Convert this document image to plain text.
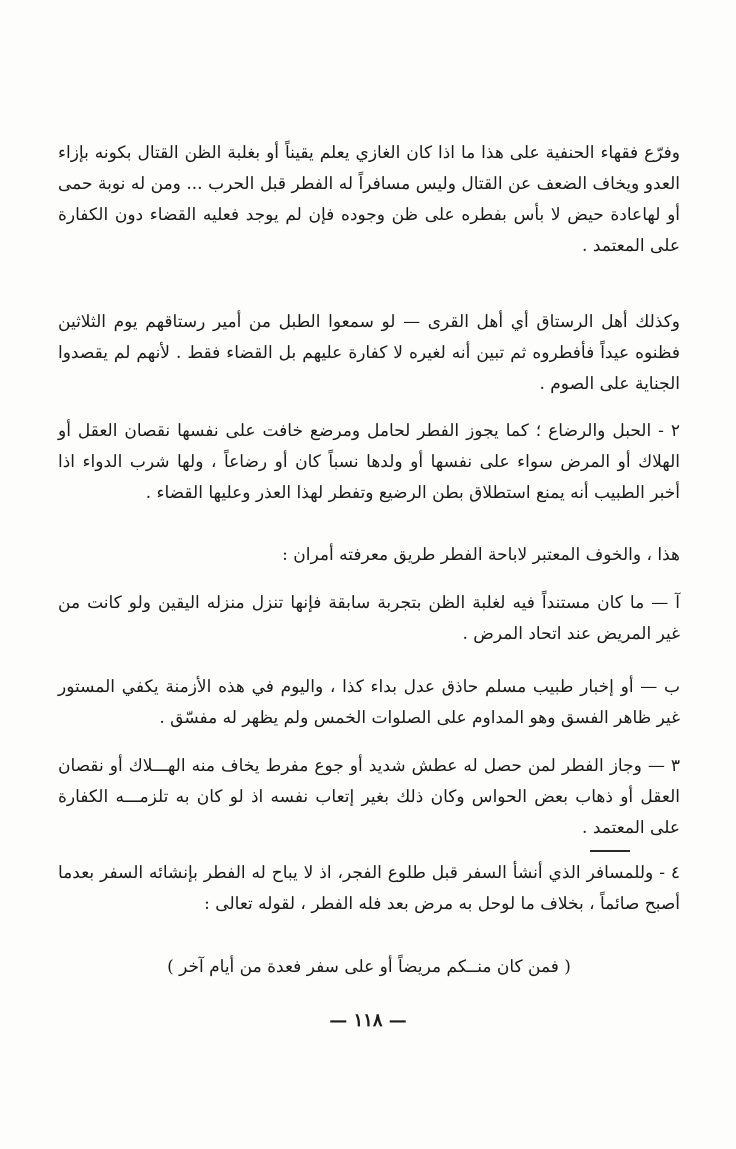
وفرّع فقهاء الحنفية على هذا ما اذا كان الغازي يعلم يقيناً أو بغلبة الظن القتال بكونه بإزاء العدو ويخاف الضعف عن القتال وليس مسافراً له الفطر قبل الحرب ... ومن له نوبة حمى أو لهاعادة حيض لا بأس بفطره على ظن وجوده فإن لم يوجد فعليه القضاء دون الكفارة على المعتمد .

وكذلك أهل الرستاق أي أهل القرى — لو سمعوا الطبل من أمير رستاقهم يوم الثلاثين فظنوه عيداً فأفطروه ثم تبين أنه لغيره لا كفارة عليهم بل القضاء فقط . لأنهم لم يقصدوا الجناية على الصوم .

٢ - الحبل والرضاع ؛ كما يجوز الفطر لحامل ومرضع خافت على نفسها نقصان العقل أو الهلاك أو المرض سواء على نفسها أو ولدها نسباً كان أو رضاعاً ، ولها شرب الدواء اذا أخبر الطبيب أنه يمنع استطلاق بطن الرضيع وتفطر لهذا العذر وعليها القضاء .

هذا ، والخوف المعتبر لاباحة الفطر طريق معرفته أمران :

آ — ما كان مستنداً فيه لغلبة الظن بتجربة سابقة فإنها تنزل منزله اليقين ولو كانت من غير المريض عند اتحاد المرض .

ب — أو إخبار طبيب مسلم حاذق عدل بداء كذا ، واليوم في هذه الأزمنة يكفي المستور غير ظاهر الفسق وهو المداوم على الصلوات الخمس ولم يظهر له مفسّق .

٣ — وجاز الفطر لمن حصل له عطش شديد أو جوع مفرط يخاف منه الهـــلاك أو نقصان العقل أو ذهاب بعض الحواس وكان ذلك بغير إتعاب نفسه اذ لو كان به تلزمـــه الكفارة على المعتمد .

٤ - وللمسافر الذي أنشأ السفر قبل طلوع الفجر، اذ لا يباح له الفطر بإنشائه السفر بعدما أصبح صائماً ، بخلاف ما لوحل به مرض بعد فله الفطر ، لقوله تعالى :

( فمن كان منــكم مريضاً أو على سفر فعدة من أيام آخر )

— ١١٨ —
